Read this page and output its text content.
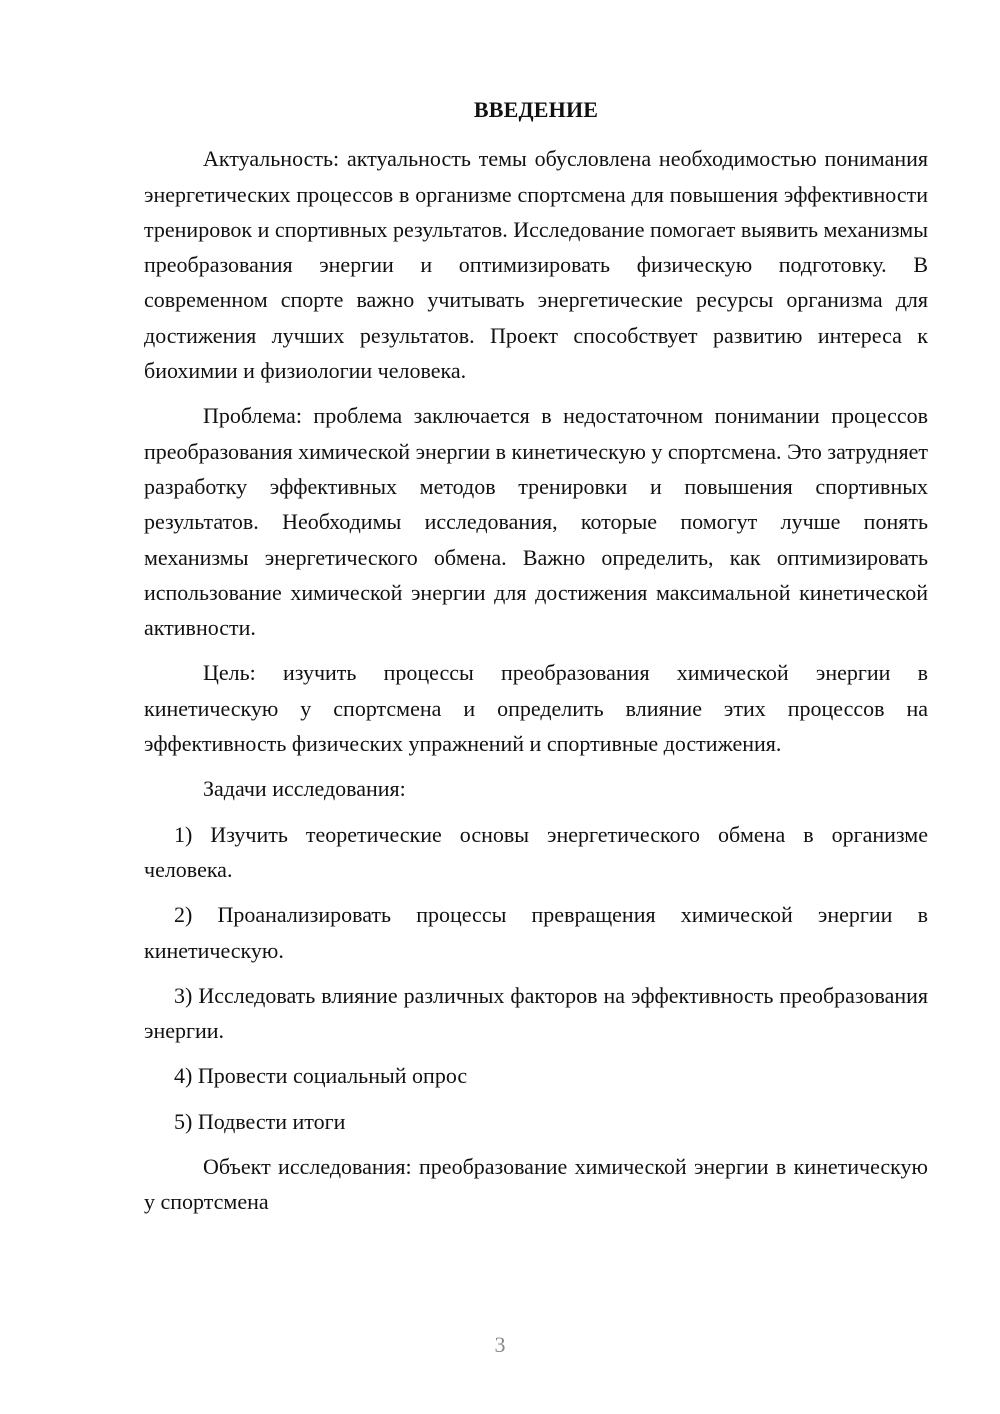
ВВЕДЕНИЕ

Актуальность: актуальность темы обусловлена необходимостью понимания энергетических процессов в организме спортсмена для повышения эффективности тренировок и спортивных результатов. Исследование помогает выявить механизмы преобразования энергии и оптимизировать физическую подготовку. В современном спорте важно учитывать энергетические ресурсы организма для достижения лучших результатов. Проект способствует развитию интереса к биохимии и физиологии человека.

Проблема: проблема заключается в недостаточном понимании процессов преобразования химической энергии в кинетическую у спортсмена. Это затрудняет разработку эффективных методов тренировки и повышения спортивных результатов. Необходимы исследования, которые помогут лучше понять механизмы энергетического обмена. Важно определить, как оптимизировать использование химической энергии для достижения максимальной кинетической активности.

Цель: изучить процессы преобразования химической энергии в кинетическую у спортсмена и определить влияние этих процессов на эффективность физических упражнений и спортивные достижения.

Задачи исследования:

1) Изучить теоретические основы энергетического обмена в организме человека.

2) Проанализировать процессы превращения химической энергии в кинетическую.

3) Исследовать влияние различных факторов на эффективность преобразования энергии.

4) Провести социальный опрос

5) Подвести итоги

Объект исследования: преобразование химической энергии в кинетическую у спортсмена

3
